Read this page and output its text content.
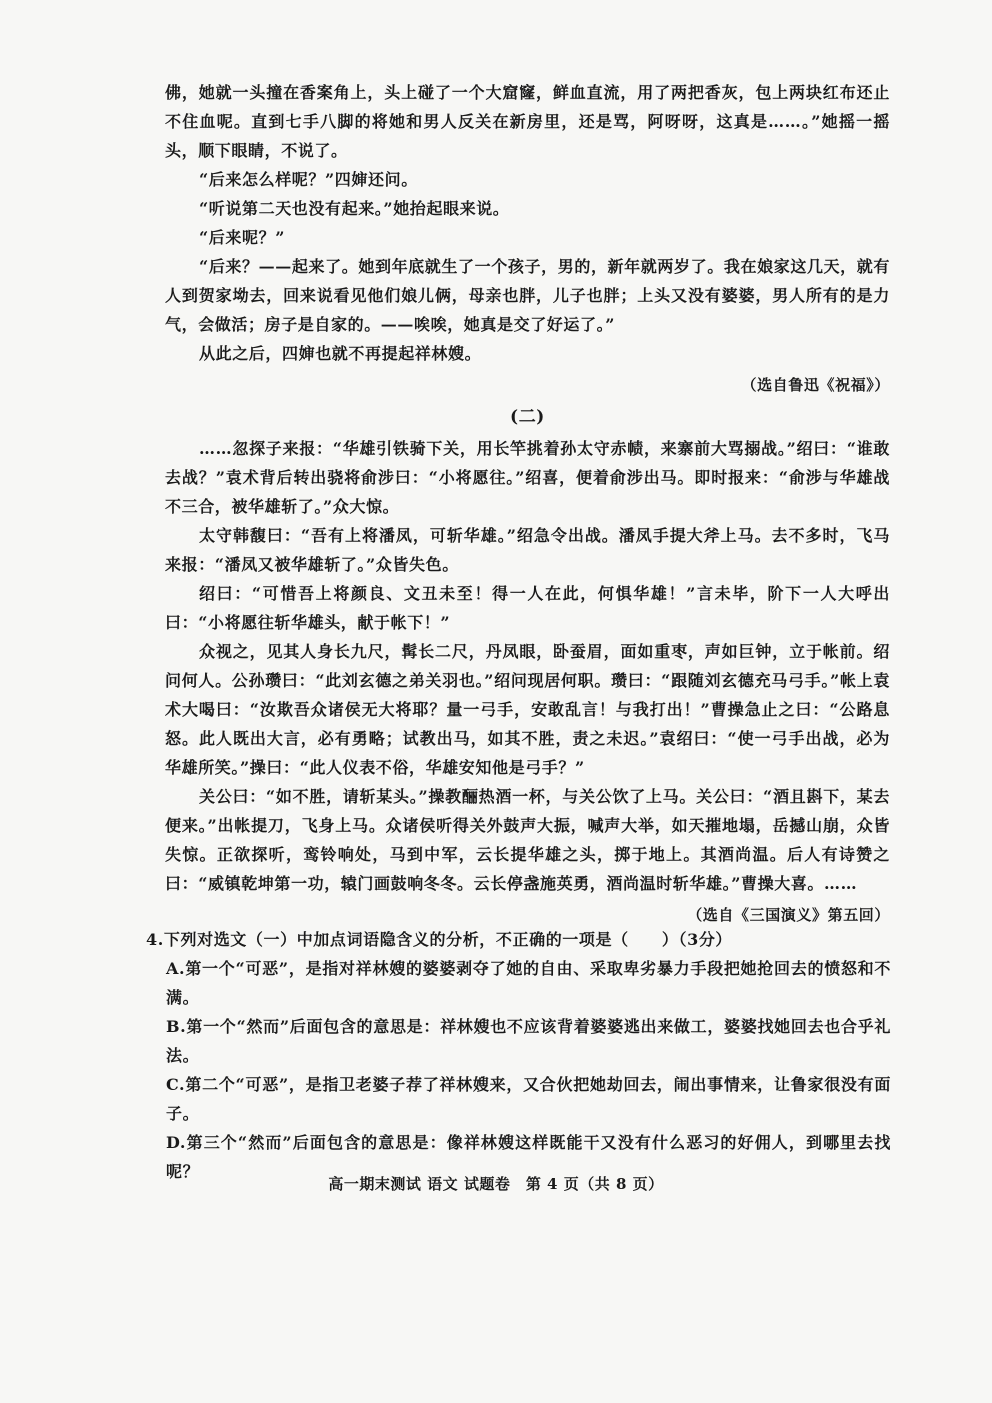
佛，她就一头撞在香案角上，头上碰了一个大窟窿，鲜血直流，用了两把香灰，包上两块红布还止不住血呢。直到七手八脚的将她和男人反关在新房里，还是骂，阿呀呀，这真是……。”她摇一摇头，顺下眼睛，不说了。

“后来怎么样呢？”四婶还问。

“听说第二天也没有起来。”她抬起眼来说。

“后来呢？”

“后来？——起来了。她到年底就生了一个孩子，男的，新年就两岁了。我在娘家这几天，就有人到贺家坳去，回来说看见他们娘儿俩，母亲也胖，儿子也胖；上头又没有婆婆，男人所有的是力气，会做活；房子是自家的。——唉唉，她真是交了好运了。”

从此之后，四婶也就不再提起祥林嫂。

（选自鲁迅《祝福》）

(二)

……忽探子来报：“华雄引铁骑下关，用长竿挑着孙太守赤帻，来寨前大骂搦战。”绍曰：“谁敢去战？”袁术背后转出骁将俞涉曰：“小将愿往。”绍喜，便着俞涉出马。即时报来：“俞涉与华雄战不三合，被华雄斩了。”众大惊。

太守韩馥曰：“吾有上将潘凤，可斩华雄。”绍急令出战。潘凤手提大斧上马。去不多时，飞马来报：“潘凤又被华雄斩了。”众皆失色。

绍曰：“可惜吾上将颜良、文丑未至！得一人在此，何惧华雄！”言未毕，阶下一人大呼出曰：“小将愿往斩华雄头，献于帐下！”

众视之，见其人身长九尺，髯长二尺，丹凤眼，卧蚕眉，面如重枣，声如巨钟，立于帐前。绍问何人。公孙瓒曰：“此刘玄德之弟关羽也。”绍问现居何职。瓒曰：“跟随刘玄德充马弓手。”帐上袁术大喝曰：“汝欺吾众诸侯无大将耶？量一弓手，安敢乱言！与我打出！”曹操急止之曰：“公路息怒。此人既出大言，必有勇略；试教出马，如其不胜，责之未迟。”袁绍曰：“使一弓手出战，必为华雄所笑。”操曰：“此人仪表不俗，华雄安知他是弓手？”

关公曰：“如不胜，请斩某头。”操教酾热酒一杯，与关公饮了上马。关公曰：“酒且斟下，某去便来。”出帐提刀，飞身上马。众诸侯听得关外鼓声大振，喊声大举，如天摧地塌，岳撼山崩，众皆失惊。正欲探听，鸾铃响处，马到中军，云长提华雄之头，掷于地上。其酒尚温。后人有诗赞之曰：“威镇乾坤第一功，辕门画鼓响冬冬。云长停盏施英勇，酒尚温时斩华雄。”曹操大喜。……

（选自《三国演义》第五回）

4.下列对选文（一）中加点词语隐含义的分析，不正确的一项是（　　）（3分）

A.第一个“可恶”，是指对祥林嫂的婆婆剥夺了她的自由、采取卑劣暴力手段把她抢回去的愤怒和不满。

B.第一个“然而”后面包含的意思是：祥林嫂也不应该背着婆婆逃出来做工，婆婆找她回去也合乎礼法。

C.第二个“可恶”，是指卫老婆子荐了祥林嫂来，又合伙把她劫回去，闹出事情来，让鲁家很没有面子。

D.第三个“然而”后面包含的意思是：像祥林嫂这样既能干又没有什么恶习的好佣人，到哪里去找呢？

高一期末测试 语文 试题卷　第 4 页（共 8 页）
